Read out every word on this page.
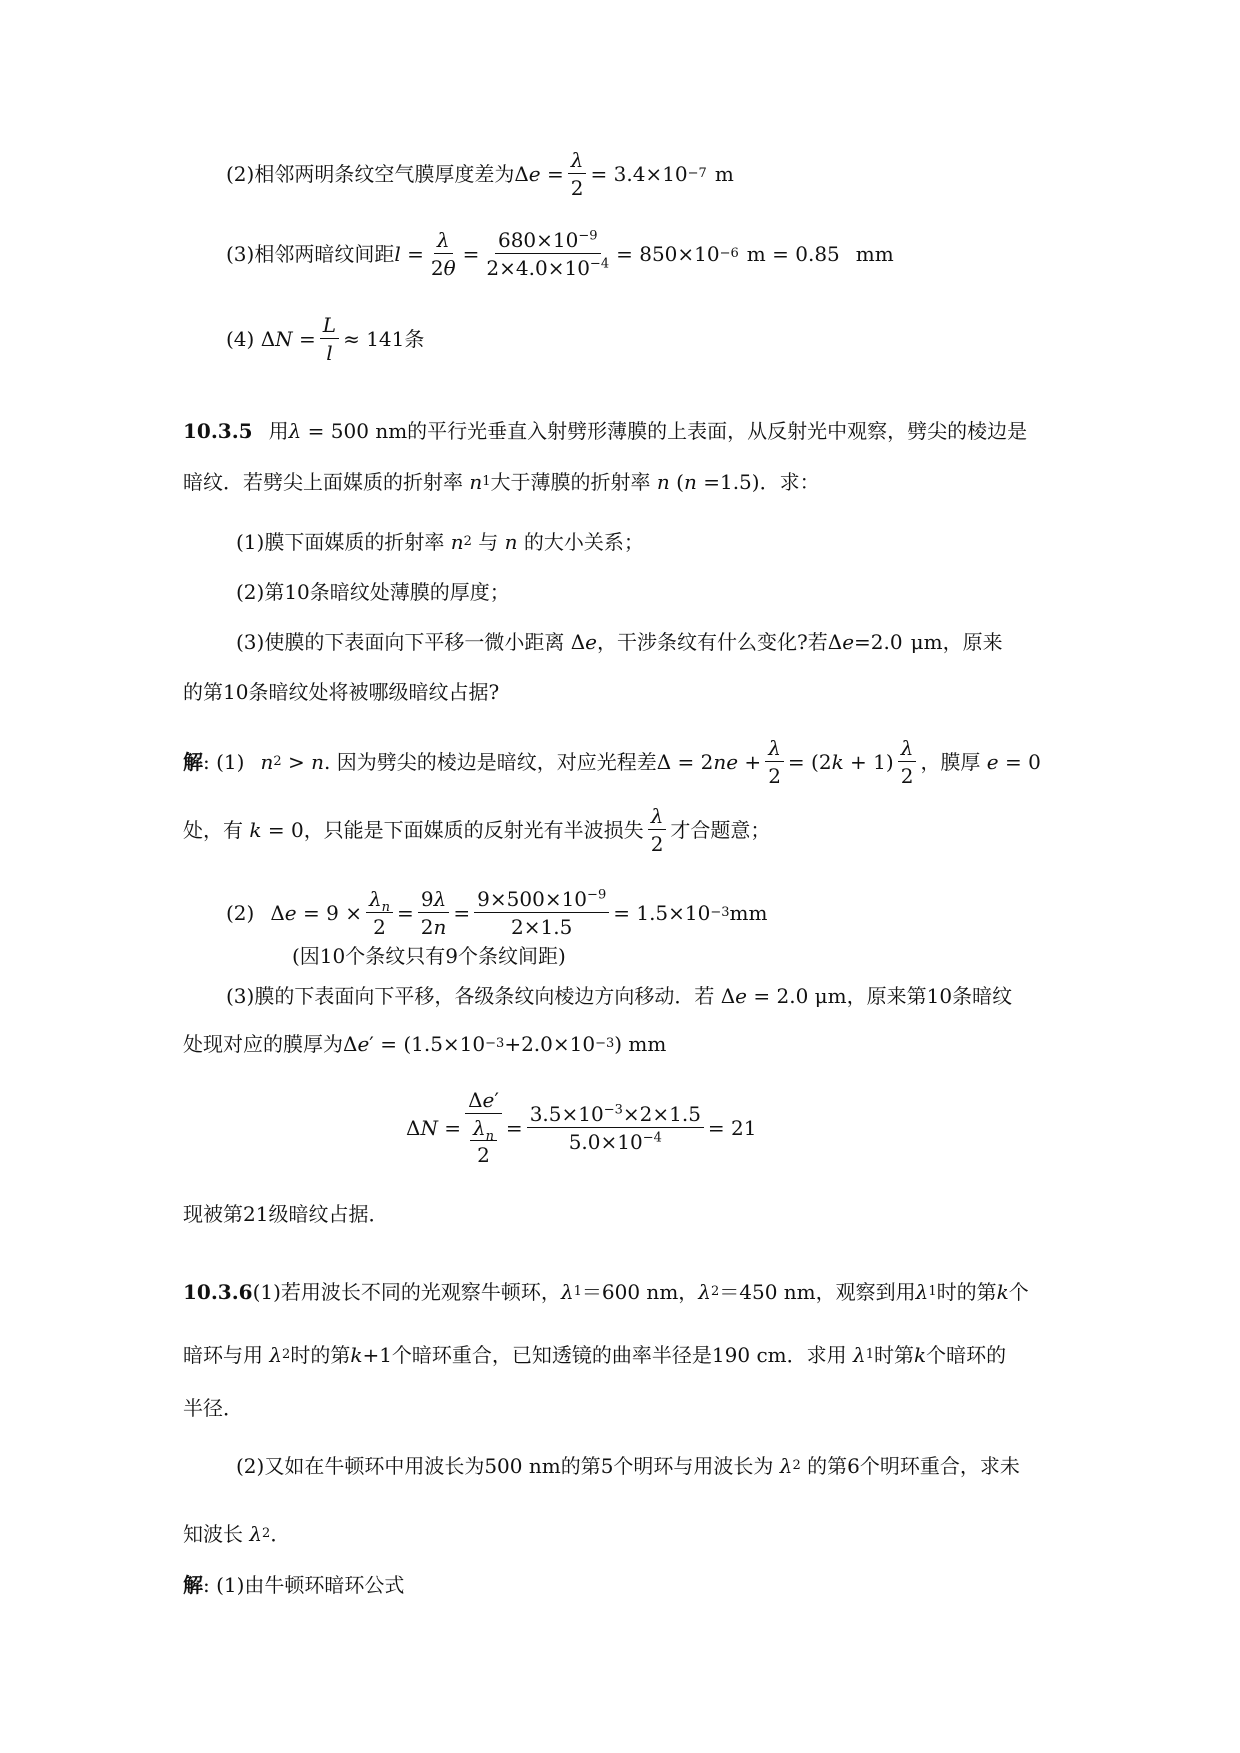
(2)相邻两明条纹空气膜厚度差为 Δ $e = \frac{\lambda}{2} = 3.4\times 10 -7$ m
(3)相邻两暗纹间距 $l = \frac{\lambda}{2\theta} = \frac{680\times 10^{-9}}{2\times 4.0\times 10^{-4}} = 850\times 10 -6$ m = 0.85 mm
(4) Δ $N = \frac{L}{l} \approx 141$ 条
10.3.5 用 λ = 500
nm的平行光垂直入射劈形薄膜的上表面，从反射光中观察，劈尖的棱边是
暗纹．若劈尖上面媒质的折射率 n 1 大于薄膜的折射率 n ( n = 1.5 )．求：
(1)膜下面媒质的折射率 n 2
与 n 的大小关系；
(2)第10条暗纹处薄膜的厚度；
(3)使膜的下表面向下平移一微小距离 Δ e ，干涉条纹有什么变化?若 Δ e =2.0 μm，原来
的第10条暗纹处将被哪级暗纹占据?
解 : (1) n 2 > n . 因为劈尖的棱边是暗纹，对应光程差 Δ = 2 ne + $\frac{\lambda}{2} = (2$ $k + 1) \frac{\lambda}{2}$ ，膜厚
e = 0
处，有 k = 0 ，只能是下面媒质的反射光有半波损失 $\frac{\lambda}{2}$ 才合题意；
(2) Δ $e = 9 \times \frac{\lambda_n}{2} = \frac{9\lambda}{2n} = \frac{9\times 500\times 10^{-9}}{2\times 1.5} = 1.5\times 10 -3$ mm
(因10个条纹只有9个条纹间距)
(3)膜的下表面向下平移，各级条纹向棱边方向移动．若 Δ e = 2.0
μm，原来第10条暗纹
处现对应的膜厚为 Δ e ′ = (1.5×10 −3 +2.0×10 −3 ) mm
Δ N = Δe′
$\lambda_n$
$2 = \frac{3.5\times 10^{-3}\times 2\times 1.5}{5.0\times 10^{-4}} = 21$
现被第21级暗纹占据．
10.3.6 (1)若用波长不同的光观察牛顿环， λ 1 ＝600 nm， λ 2 ＝450 nm，观察到用 λ 1 时的第 k 个
暗环与用 λ 2 时的第 k +1个暗环重合，已知透镜的曲率半径是190 cm．求用 λ 1 时第 k 个暗环的
半径．
(2)又如在牛顿环中用波长为500 nm的第5个明环与用波长为 λ 2
的第6个明环重合，求未
知波长 λ 2 ．
解 : (1)由牛顿环暗环公式
